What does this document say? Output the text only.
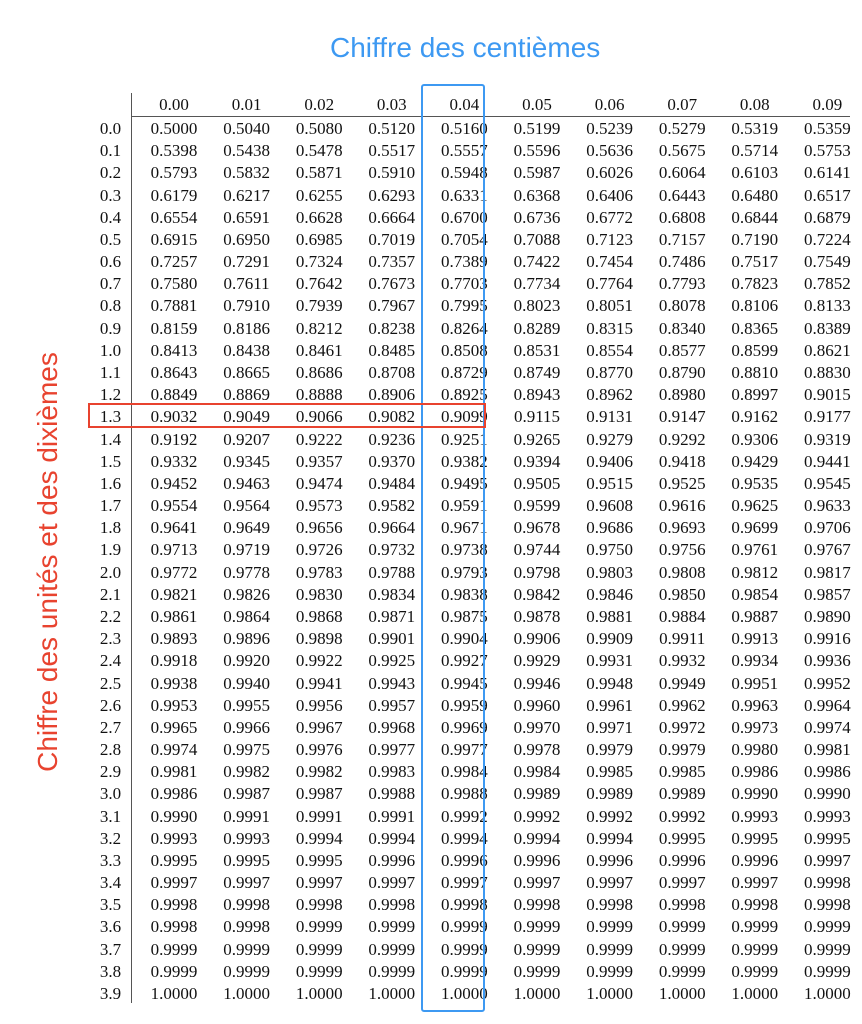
Chiffre des centièmes
Chiffre des unités et des dixièmes
0.00	0.01	0.02	0.03	0.04	0.05	0.06	0.07	0.08	0.09
0.0	0.5000	0.5040	0.5080	0.5120	0.5160	0.5199	0.5239	0.5279	0.5319	0.5359
0.1	0.5398	0.5438	0.5478	0.5517	0.5557	0.5596	0.5636	0.5675	0.5714	0.5753
0.2	0.5793	0.5832	0.5871	0.5910	0.5948	0.5987	0.6026	0.6064	0.6103	0.6141
0.3	0.6179	0.6217	0.6255	0.6293	0.6331	0.6368	0.6406	0.6443	0.6480	0.6517
0.4	0.6554	0.6591	0.6628	0.6664	0.6700	0.6736	0.6772	0.6808	0.6844	0.6879
0.5	0.6915	0.6950	0.6985	0.7019	0.7054	0.7088	0.7123	0.7157	0.7190	0.7224
0.6	0.7257	0.7291	0.7324	0.7357	0.7389	0.7422	0.7454	0.7486	0.7517	0.7549
0.7	0.7580	0.7611	0.7642	0.7673	0.7703	0.7734	0.7764	0.7793	0.7823	0.7852
0.8	0.7881	0.7910	0.7939	0.7967	0.7995	0.8023	0.8051	0.8078	0.8106	0.8133
0.9	0.8159	0.8186	0.8212	0.8238	0.8264	0.8289	0.8315	0.8340	0.8365	0.8389
1.0	0.8413	0.8438	0.8461	0.8485	0.8508	0.8531	0.8554	0.8577	0.8599	0.8621
1.1	0.8643	0.8665	0.8686	0.8708	0.8729	0.8749	0.8770	0.8790	0.8810	0.8830
1.2	0.8849	0.8869	0.8888	0.8906	0.8925	0.8943	0.8962	0.8980	0.8997	0.9015
1.3	0.9032	0.9049	0.9066	0.9082	0.9099	0.9115	0.9131	0.9147	0.9162	0.9177
1.4	0.9192	0.9207	0.9222	0.9236	0.9251	0.9265	0.9279	0.9292	0.9306	0.9319
1.5	0.9332	0.9345	0.9357	0.9370	0.9382	0.9394	0.9406	0.9418	0.9429	0.9441
1.6	0.9452	0.9463	0.9474	0.9484	0.9495	0.9505	0.9515	0.9525	0.9535	0.9545
1.7	0.9554	0.9564	0.9573	0.9582	0.9591	0.9599	0.9608	0.9616	0.9625	0.9633
1.8	0.9641	0.9649	0.9656	0.9664	0.9671	0.9678	0.9686	0.9693	0.9699	0.9706
1.9	0.9713	0.9719	0.9726	0.9732	0.9738	0.9744	0.9750	0.9756	0.9761	0.9767
2.0	0.9772	0.9778	0.9783	0.9788	0.9793	0.9798	0.9803	0.9808	0.9812	0.9817
2.1	0.9821	0.9826	0.9830	0.9834	0.9838	0.9842	0.9846	0.9850	0.9854	0.9857
2.2	0.9861	0.9864	0.9868	0.9871	0.9875	0.9878	0.9881	0.9884	0.9887	0.9890
2.3	0.9893	0.9896	0.9898	0.9901	0.9904	0.9906	0.9909	0.9911	0.9913	0.9916
2.4	0.9918	0.9920	0.9922	0.9925	0.9927	0.9929	0.9931	0.9932	0.9934	0.9936
2.5	0.9938	0.9940	0.9941	0.9943	0.9945	0.9946	0.9948	0.9949	0.9951	0.9952
2.6	0.9953	0.9955	0.9956	0.9957	0.9959	0.9960	0.9961	0.9962	0.9963	0.9964
2.7	0.9965	0.9966	0.9967	0.9968	0.9969	0.9970	0.9971	0.9972	0.9973	0.9974
2.8	0.9974	0.9975	0.9976	0.9977	0.9977	0.9978	0.9979	0.9979	0.9980	0.9981
2.9	0.9981	0.9982	0.9982	0.9983	0.9984	0.9984	0.9985	0.9985	0.9986	0.9986
3.0	0.9986	0.9987	0.9987	0.9988	0.9988	0.9989	0.9989	0.9989	0.9990	0.9990
3.1	0.9990	0.9991	0.9991	0.9991	0.9992	0.9992	0.9992	0.9992	0.9993	0.9993
3.2	0.9993	0.9993	0.9994	0.9994	0.9994	0.9994	0.9994	0.9995	0.9995	0.9995
3.3	0.9995	0.9995	0.9995	0.9996	0.9996	0.9996	0.9996	0.9996	0.9996	0.9997
3.4	0.9997	0.9997	0.9997	0.9997	0.9997	0.9997	0.9997	0.9997	0.9997	0.9998
3.5	0.9998	0.9998	0.9998	0.9998	0.9998	0.9998	0.9998	0.9998	0.9998	0.9998
3.6	0.9998	0.9998	0.9999	0.9999	0.9999	0.9999	0.9999	0.9999	0.9999	0.9999
3.7	0.9999	0.9999	0.9999	0.9999	0.9999	0.9999	0.9999	0.9999	0.9999	0.9999
3.8	0.9999	0.9999	0.9999	0.9999	0.9999	0.9999	0.9999	0.9999	0.9999	0.9999
3.9	1.0000	1.0000	1.0000	1.0000	1.0000	1.0000	1.0000	1.0000	1.0000	1.0000
